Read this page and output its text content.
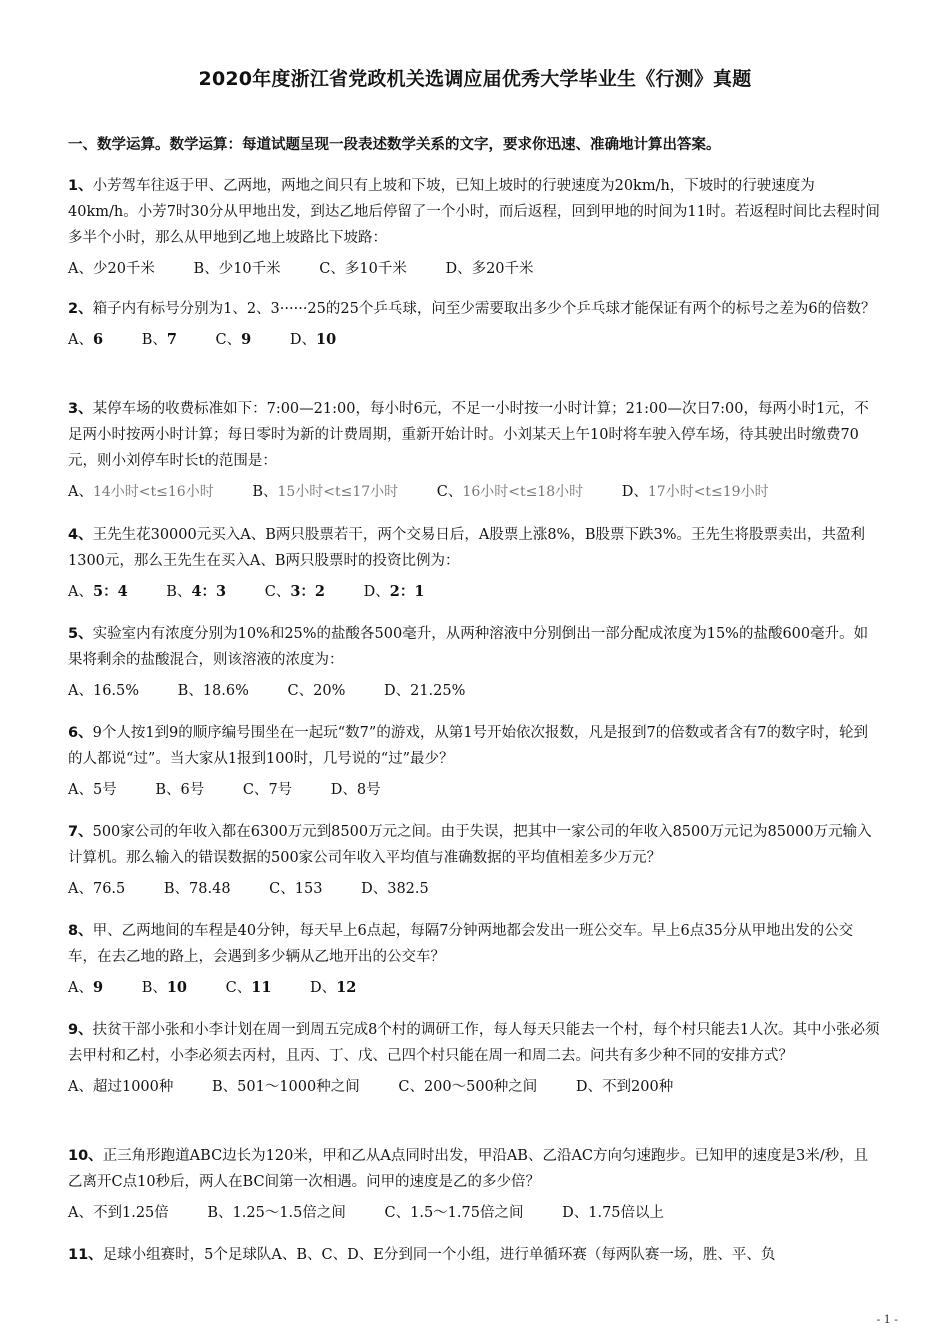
2020年度浙江省党政机关选调应届优秀大学毕业生《行测》真题
一、数学运算。数学运算：每道试题呈现一段表述数学关系的文字，要求你迅速、准确地计算出答案。
1、小芳驾车往返于甲、乙两地，两地之间只有上坡和下坡，已知上坡时的行驶速度为20km/h，下坡时的行驶速度为40km/h。小芳7时30分从甲地出发，到达乙地后停留了一个小时，而后返程，回到甲地的时间为11时。若返程时间比去程时间多半个小时，那么从甲地到乙地上坡路比下坡路：
A、少20千米	B、少10千米	C、多10千米	D、多20千米
2、箱子内有标号分别为1、2、3······25的25个乒乓球，问至少需要取出多少个乒乓球才能保证有两个的标号之差为6的倍数？
A、6	B、7	C、9	D、10
3、某停车场的收费标准如下：7:00—21:00，每小时6元，不足一小时按一小时计算；21:00—次日7:00，每两小时1元，不足两小时按两小时计算；每日零时为新的计费周期，重新开始计时。小刘某天上午10时将车驶入停车场，待其驶出时缴费70元，则小刘停车时长t的范围是：
A、14小时<t≤16小时	B、15小时<t≤17小时	C、16小时<t≤18小时	D、17小时<t≤19小时
4、王先生花30000元买入A、B两只股票若干，两个交易日后，A股票上涨8%，B股票下跌3%。王先生将股票卖出，共盈利1300元，那么王先生在买入A、B两只股票时的投资比例为：
A、5：4	B、4：3	C、3：2	D、2：1
5、实验室内有浓度分别为10%和25%的盐酸各500毫升，从两种溶液中分别倒出一部分配成浓度为15%的盐酸600毫升。如果将剩余的盐酸混合，则该溶液的浓度为：
A、16.5%	B、18.6%	C、20%	D、21.25%
6、9个人按1到9的顺序编号围坐在一起玩“数7”的游戏，从第1号开始依次报数，凡是报到7的倍数或者含有7的数字时，轮到的人都说“过”。当大家从1报到100时，几号说的“过”最少？
A、5号	B、6号	C、7号	D、8号
7、500家公司的年收入都在6300万元到8500万元之间。由于失误，把其中一家公司的年收入8500万元记为85000万元输入计算机。那么输入的错误数据的500家公司年收入平均值与准确数据的平均值相差多少万元？
A、76.5	B、78.48	C、153	D、382.5
8、甲、乙两地间的车程是40分钟，每天早上6点起，每隔7分钟两地都会发出一班公交车。早上6点35分从甲地出发的公交车，在去乙地的路上，会遇到多少辆从乙地开出的公交车？
A、9	B、10	C、11	D、12
9、扶贫干部小张和小李计划在周一到周五完成8个村的调研工作，每人每天只能去一个村，每个村只能去1人次。其中小张必须去甲村和乙村，小李必须去丙村，且丙、丁、戊、己四个村只能在周一和周二去。问共有多少种不同的安排方式？
A、超过1000种	B、501～1000种之间	C、200～500种之间	D、不到200种
10、正三角形跑道ABC边长为120米，甲和乙从A点同时出发，甲沿AB、乙沿AC方向匀速跑步。已知甲的速度是3米/秒，且乙离开C点10秒后，两人在BC间第一次相遇。问甲的速度是乙的多少倍？
A、不到1.25倍	B、1.25～1.5倍之间	C、1.5～1.75倍之间	D、1.75倍以上
11、足球小组赛时，5个足球队A、B、C、D、E分到同一个小组，进行单循环赛（每两队赛一场，胜、平、负
- 1 -
